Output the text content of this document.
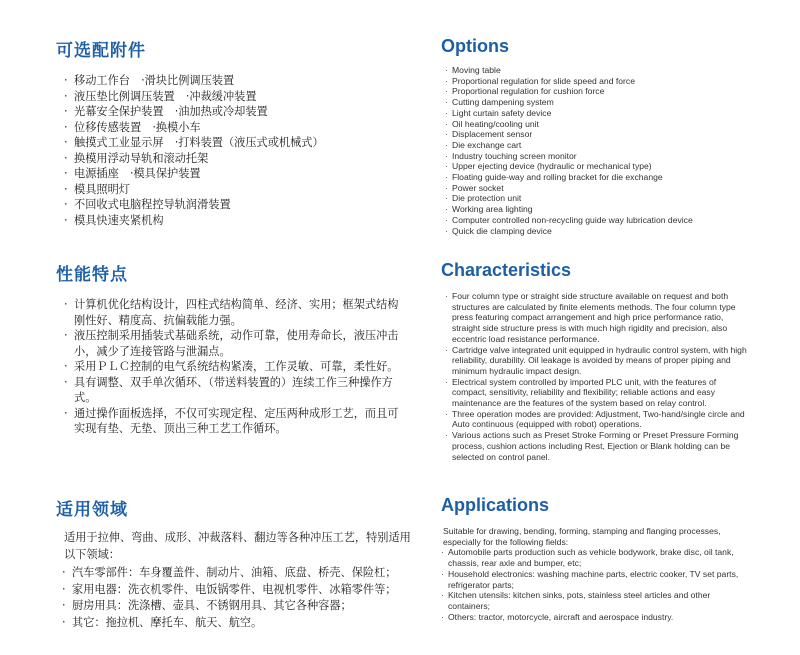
可选配附件
· 移动工作台　·滑块比例调压装置
· 液压垫比例调压装置　·冲裁缓冲装置
· 光幕安全保护装置　·油加热或冷却装置
· 位移传感装置　·换模小车
· 触摸式工业显示屏　·打料装置（液压式或机械式）
· 换模用浮动导轨和滚动托架
· 电源插座　·模具保护装置
· 模具照明灯
· 不回收式电脑程控导轨润滑装置
· 模具快速夹紧机构
Options
· Moving table
· Proportional regulation for slide speed and force
· Proportional regulation for cushion force
· Cutting dampening system
· Light curtain safety device
· Oil heating/cooling unit
· Displacement sensor
· Die exchange cart
· Industry touching screen monitor
· Upper ejecting device (hydraulic or mechanical type)
· Floating guide-way and rolling bracket for die exchange
· Power socket
· Die protection unit
· Working area lighting
· Computer controlled non-recycling guide way lubrication device
· Quick die clamping device
性能特点
· 计算机优化结构设计，四柱式结构简单、经济、实用；框架式结构刚性好、精度高、抗偏载能力强。
· 液压控制采用插装式基础系统，动作可靠，使用寿命长，液压冲击小，减少了连接管路与泄漏点。
· 采用ＰＬＣ控制的电气系统结构紧凑，工作灵敏、可靠，柔性好。
· 具有调整、双手单次循环、（带送料装置的）连续工作三种操作方式。
· 通过操作面板选择，不仅可实现定程、定压两种成形工艺，而且可实现有垫、无垫、顶出三种工艺工作循环。
Characteristics
· Four column type or straight side structure available on request and both structures are calculated by finite elements methods. The four column type press featuring compact arrangement and high price performance ratio, straight side structure press is with much high rigidity and precision, also eccentric load resistance performance.
· Cartridge valve integrated unit equipped in hydraulic control system, with high reliability, durability. Oil leakage is avoided by means of proper piping and minimum hydraulic impact design.
· Electrical system controlled by imported PLC unit, with the features of compact, sensitivity, reliability and flexibility; reliable actions and easy maintenance are the features of the system based on relay control.
· Three operation modes are provided: Adjustment, Two-hand/single circle and Auto continuous (equipped with robot) operations.
· Various actions such as Preset Stroke Forming or Preset Pressure Forming process, cushion actions including Rest, Ejection or Blank holding can be selected on control panel.
适用领域

适用于拉伸、弯曲、成形、冲裁落料、翻边等各种冲压工艺，特别适用以下领域：

· 汽车零部件：车身覆盖件、制动片、油箱、底盘、桥壳、保险杠；
· 家用电器：洗衣机零件、电饭锅零件、电视机零件、冰箱零件等；
· 厨房用具：洗涤槽、壶具、不锈钢用具、其它各种容器；
· 其它：拖拉机、摩托车、航天、航空。
Applications

Suitable for drawing, bending, forming, stamping and flanging processes, especially for the following fields:

· Automobile parts production such as vehicle bodywork, brake disc, oil tank, chassis, rear axle and bumper, etc;
· Household electronics: washing machine parts, electric cooker, TV set parts, refrigerator parts;
· Kitchen utensils: kitchen sinks, pots, stainless steel articles and other containers;
· Others: tractor, motorcycle, aircraft and aerospace industry.
